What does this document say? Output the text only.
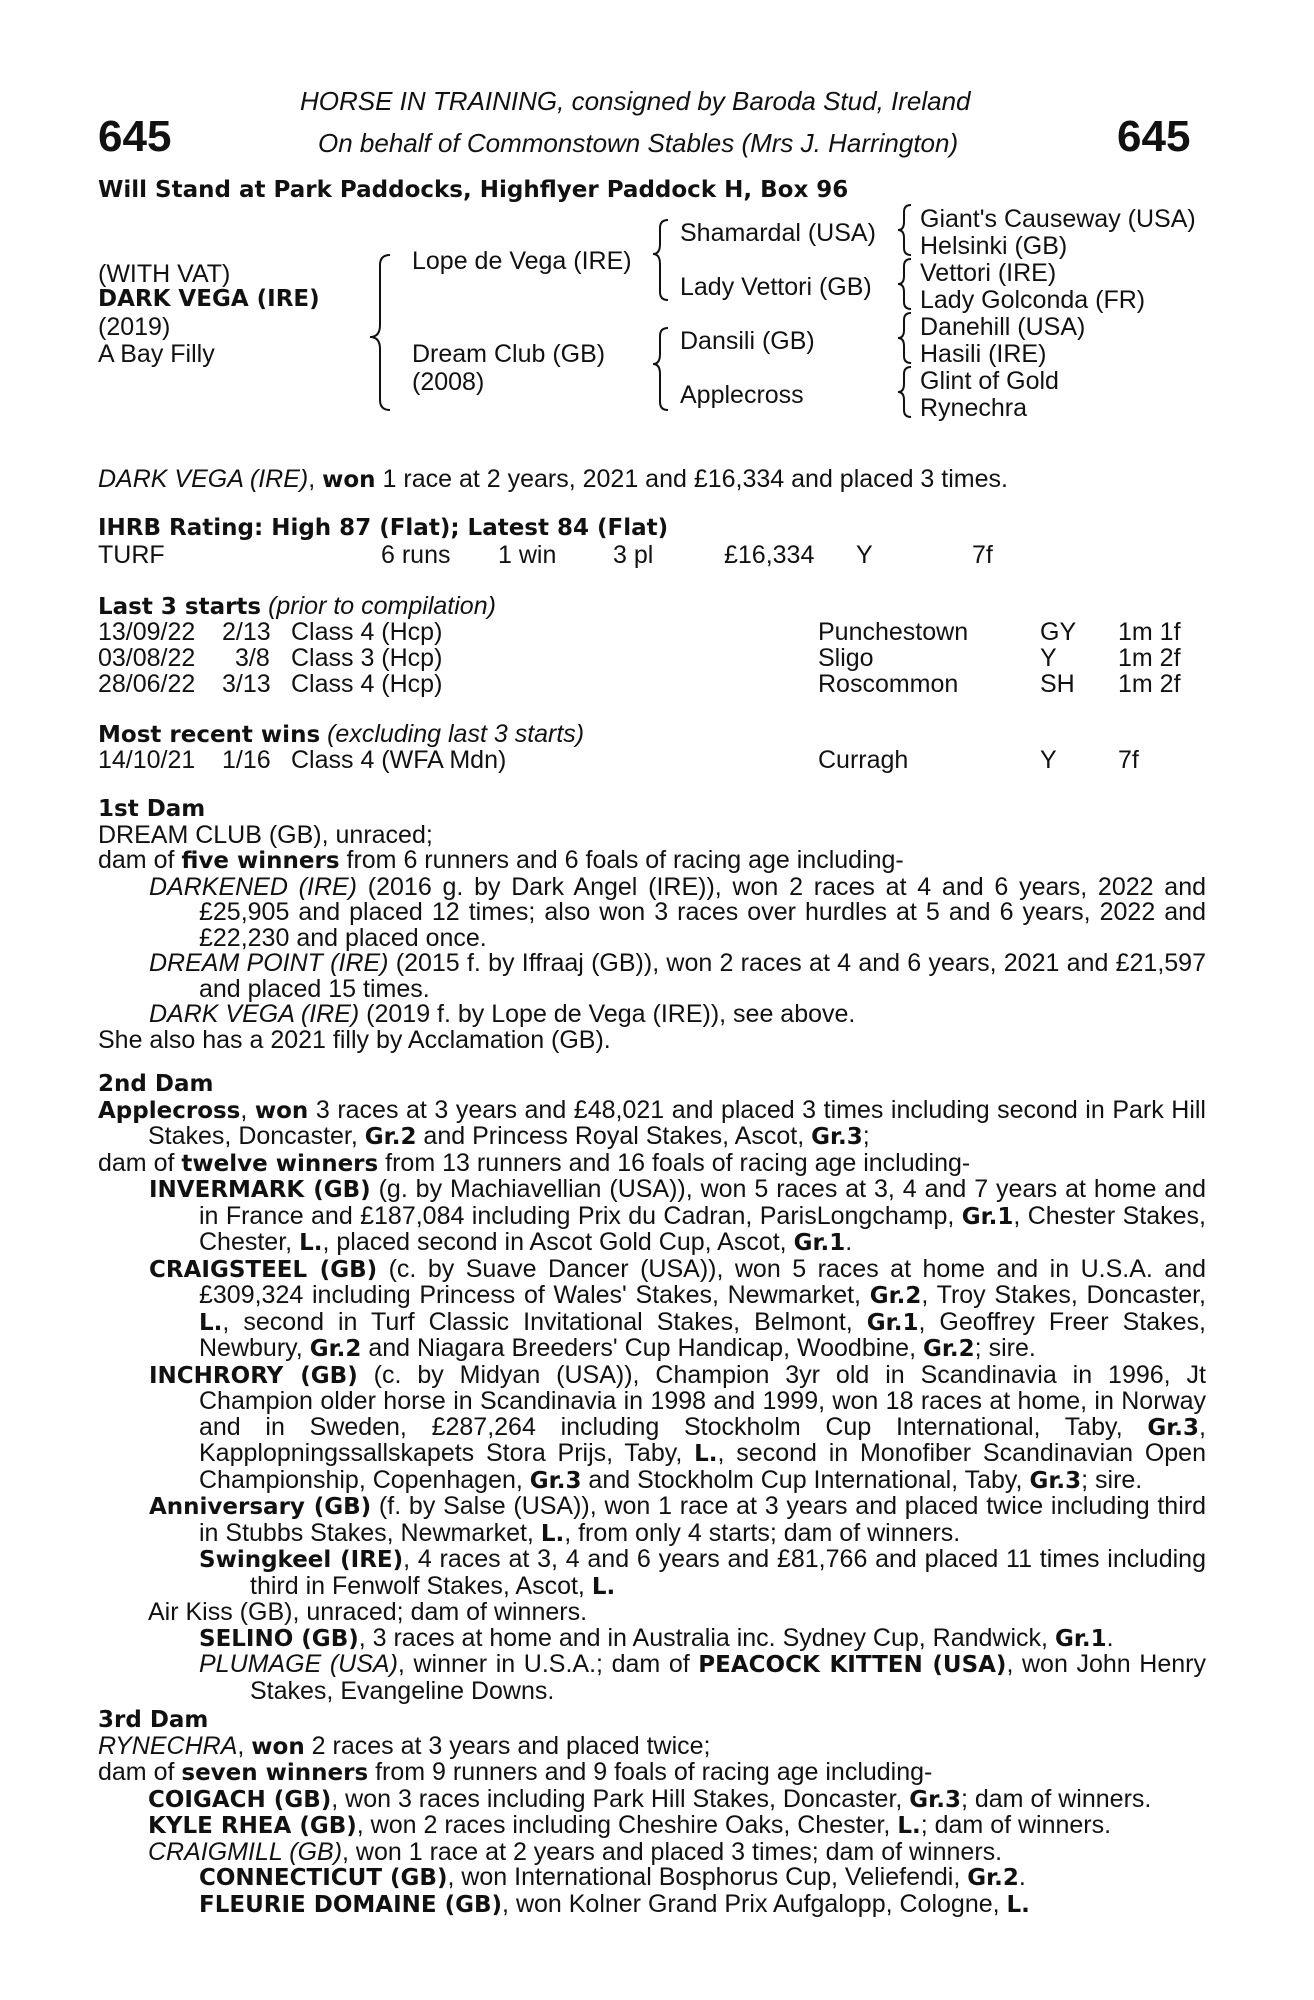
645	645
HORSE IN TRAINING, consigned by Baroda Stud, Ireland
On behalf of Commonstown Stables (Mrs J. Harrington)
Will Stand at Park Paddocks, Highflyer Paddock H, Box 96
(WITH VAT)
DARK VEGA (IRE)
(2019)
A Bay Filly
Lope de Vega (IRE)
Dream Club (GB)
(2008)
Shamardal (USA)
Lady Vettori (GB)
Dansili (GB)
Applecross
Giant's Causeway (USA)
Helsinki (GB)
Vettori (IRE)
Lady Golconda (FR)
Danehill (USA)
Hasili (IRE)
Glint of Gold
Rynechra
DARK VEGA (IRE), won 1 race at 2 years, 2021 and £16,334 and placed 3 times.
IHRB Rating: High 87 (Flat); Latest 84 (Flat)
TURF	6 runs 1 win 3 pl	£16,334 Y	7f
Last 3 starts (prior to compilation)
13/09/22 2/13 Class 4 (Hcp)	Punchestown	GY 1m 1f
03/08/22 3/8 Class 3 (Hcp)	Sligo	Y 1m 2f
28/06/22 3/13 Class 4 (Hcp)	Roscommon	SH 1m 2f
Most recent wins (excluding last 3 starts)
14/10/21 1/16 Class 4 (WFA Mdn)	Curragh	Y 7f

1st Dam

DREAM CLUB (GB), unraced;

dam of five winners from 6 runners and 6 foals of racing age including-

DARKENED (IRE) (2016 g. by Dark Angel (IRE)), won 2 races at 4 and 6 years, 2022 and £25,905 and placed 12 times; also won 3 races over hurdles at 5 and 6 years, 2022 and £22,230 and placed once.

DREAM POINT (IRE) (2015 f. by Iffraaj (GB)), won 2 races at 4 and 6 years, 2021 and £21,597 and placed 15 times.

DARK VEGA (IRE) (2019 f. by Lope de Vega (IRE)), see above.

She also has a 2021 filly by Acclamation (GB).

2nd Dam

Applecross, won 3 races at 3 years and £48,021 and placed 3 times including second in Park Hill Stakes, Doncaster, Gr.2 and Princess Royal Stakes, Ascot, Gr.3;

dam of twelve winners from 13 runners and 16 foals of racing age including-

INVERMARK (GB) (g. by Machiavellian (USA)), won 5 races at 3, 4 and 7 years at home and in France and £187,084 including Prix du Cadran, ParisLongchamp, Gr.1, Chester Stakes, Chester, L., placed second in Ascot Gold Cup, Ascot, Gr.1.

CRAIGSTEEL (GB) (c. by Suave Dancer (USA)), won 5 races at home and in U.S.A. and £309,324 including Princess of Wales' Stakes, Newmarket, Gr.2, Troy Stakes, Doncaster, L., second in Turf Classic Invitational Stakes, Belmont, Gr.1, Geoffrey Freer Stakes, Newbury, Gr.2 and Niagara Breeders' Cup Handicap, Woodbine, Gr.2; sire.

INCHRORY (GB) (c. by Midyan (USA)), Champion 3yr old in Scandinavia in 1996, Jt Champion older horse in Scandinavia in 1998 and 1999, won 18 races at home, in Norway and in Sweden, £287,264 including Stockholm Cup International, Taby, Gr.3, Kapplopningssallskapets Stora Prijs, Taby, L., second in Monofiber Scandinavian Open Championship, Copenhagen, Gr.3 and Stockholm Cup International, Taby, Gr.3; sire.

Anniversary (GB) (f. by Salse (USA)), won 1 race at 3 years and placed twice including third in Stubbs Stakes, Newmarket, L., from only 4 starts; dam of winners.

Swingkeel (IRE), 4 races at 3, 4 and 6 years and £81,766 and placed 11 times including third in Fenwolf Stakes, Ascot, L.

Air Kiss (GB), unraced; dam of winners.

SELINO (GB), 3 races at home and in Australia inc. Sydney Cup, Randwick, Gr.1.

PLUMAGE (USA), winner in U.S.A.; dam of PEACOCK KITTEN (USA), won John Henry Stakes, Evangeline Downs.

3rd Dam

RYNECHRA, won 2 races at 3 years and placed twice;

dam of seven winners from 9 runners and 9 foals of racing age including-

COIGACH (GB), won 3 races including Park Hill Stakes, Doncaster, Gr.3; dam of winners.

KYLE RHEA (GB), won 2 races including Cheshire Oaks, Chester, L.; dam of winners.

CRAIGMILL (GB), won 1 race at 2 years and placed 3 times; dam of winners.

CONNECTICUT (GB), won International Bosphorus Cup, Veliefendi, Gr.2.

FLEURIE DOMAINE (GB), won Kolner Grand Prix Aufgalopp, Cologne, L.
